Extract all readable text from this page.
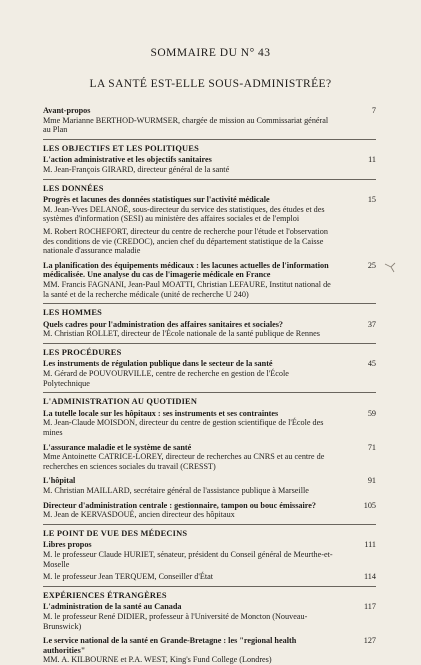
SOMMAIRE DU N° 43
LA SANTÉ EST-ELLE SOUS-ADMINISTRÉE?
Avant-propos
Mme Marianne BERTHOD-WURMSER, chargée de mission au Commissariat général au Plan
7
LES OBJECTIFS ET LES POLITIQUES
L'action administrative et les objectifs sanitaires
M. Jean-François GIRARD, directeur général de la santé
11
LES DONNÉES
Progrès et lacunes des données statistiques sur l'activité médicale
M. Jean-Yves DELANOË, sous-directeur du service des statistiques, des études et des systèmes d'information (SESI) au ministère des affaires sociales et de l'emploi
15
M. Robert ROCHEFORT, directeur du centre de recherche pour l'étude et l'observation des conditions de vie (CREDOC), ancien chef du département statistique de la Caisse nationale d'assurance maladie
La planification des équipements médicaux : les lacunes actuelles de l'information médicalisée. Une analyse du cas de l'imagerie médicale en France
MM. Francis FAGNANI, Jean-Paul MOATTI, Christian LEFAURE, Institut national de la santé et de la recherche médicale (unité de recherche U 240)
25
LES HOMMES
Quels cadres pour l'administration des affaires sanitaires et sociales?
M. Christian ROLLET, directeur de l'École nationale de la santé publique de Rennes
37
LES PROCÉDURES
Les instruments de régulation publique dans le secteur de la santé
M. Gérard de POUVOURVILLE, centre de recherche en gestion de l'École Polytechnique
45
L'ADMINISTRATION AU QUOTIDIEN
La tutelle locale sur les hôpitaux : ses instruments et ses contraintes
M. Jean-Claude MOISDON, directeur du centre de gestion scientifique de l'École des mines
59
L'assurance maladie et le système de santé
Mme Antoinette CATRICE-LOREY, directeur de recherches au CNRS et au centre de recherches en sciences sociales du travail (CRESST)
71
L'hôpital
M. Christian MAILLARD, secrétaire général de l'assistance publique à Marseille
91
Directeur d'administration centrale : gestionnaire, tampon ou bouc émissaire?
M. Jean de KERVASDOUÉ, ancien directeur des hôpitaux
105
LE POINT DE VUE DES MÉDECINS
Libres propos
M. le professeur Claude HURIET, sénateur, président du Conseil général de Meurthe-et-Moselle
111
M. le professeur Jean TERQUEM, Conseiller d'État	114
EXPÉRIENCES ÉTRANGÈRES
L'administration de la santé au Canada
M. le professeur René DIDIER, professeur à l'Université de Moncton (Nouveau-Brunswick)
117
Le service national de la santé en Grande-Bretagne : les "regional health authorities"
MM. A. KILBOURNE et P.A. WEST, King's Fund College (Londres)
127
